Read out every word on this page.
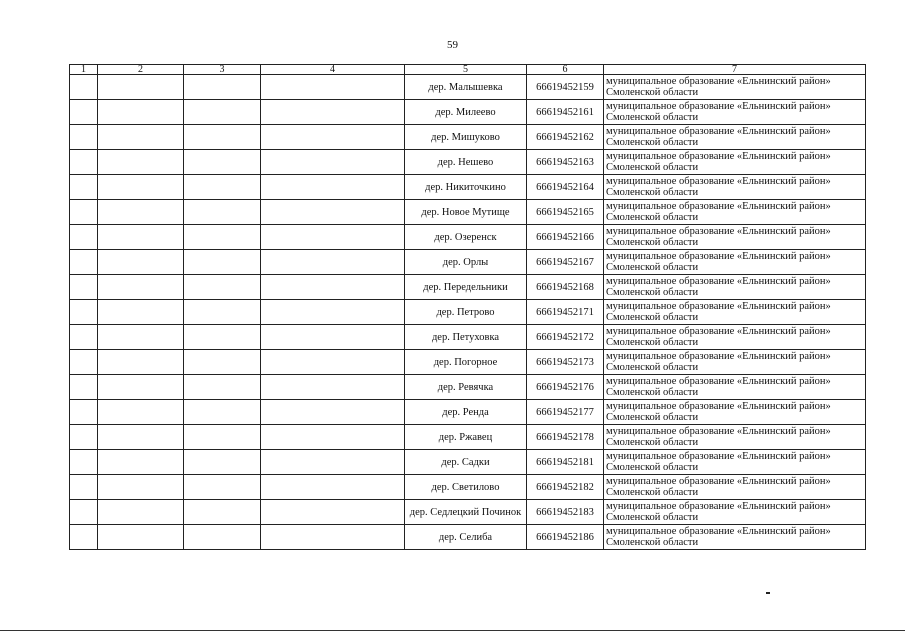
59
1	2	3	4	5	6	7
				дер. Малышевка	66619452159	муниципальное образование «Ельнинский район» Смоленской области
				дер. Милеево	66619452161	муниципальное образование «Ельнинский район» Смоленской области
				дер. Мишуково	66619452162	муниципальное образование «Ельнинский район» Смоленской области
				дер. Нешево	66619452163	муниципальное образование «Ельнинский район» Смоленской области
				дер. Никиточкино	66619452164	муниципальное образование «Ельнинский район» Смоленской области
				дер. Новое Мутище	66619452165	муниципальное образование «Ельнинский район» Смоленской области
				дер. Озеренск	66619452166	муниципальное образование «Ельнинский район» Смоленской области
				дер. Орлы	66619452167	муниципальное образование «Ельнинский район» Смоленской области
				дер. Передельники	66619452168	муниципальное образование «Ельнинский район» Смоленской области
				дер. Петрово	66619452171	муниципальное образование «Ельнинский район» Смоленской области
				дер. Петуховка	66619452172	муниципальное образование «Ельнинский район» Смоленской области
				дер. Погорное	66619452173	муниципальное образование «Ельнинский район» Смоленской области
				дер. Ревячка	66619452176	муниципальное образование «Ельнинский район» Смоленской области
				дер. Ренда	66619452177	муниципальное образование «Ельнинский район» Смоленской области
				дер. Ржавец	66619452178	муниципальное образование «Ельнинский район» Смоленской области
				дер. Садки	66619452181	муниципальное образование «Ельнинский район» Смоленской области
				дер. Светилово	66619452182	муниципальное образование «Ельнинский район» Смоленской области
				дер. Седлецкий Починок	66619452183	муниципальное образование «Ельнинский район» Смоленской области
				дер. Селиба	66619452186	муниципальное образование «Ельнинский район» Смоленской области
